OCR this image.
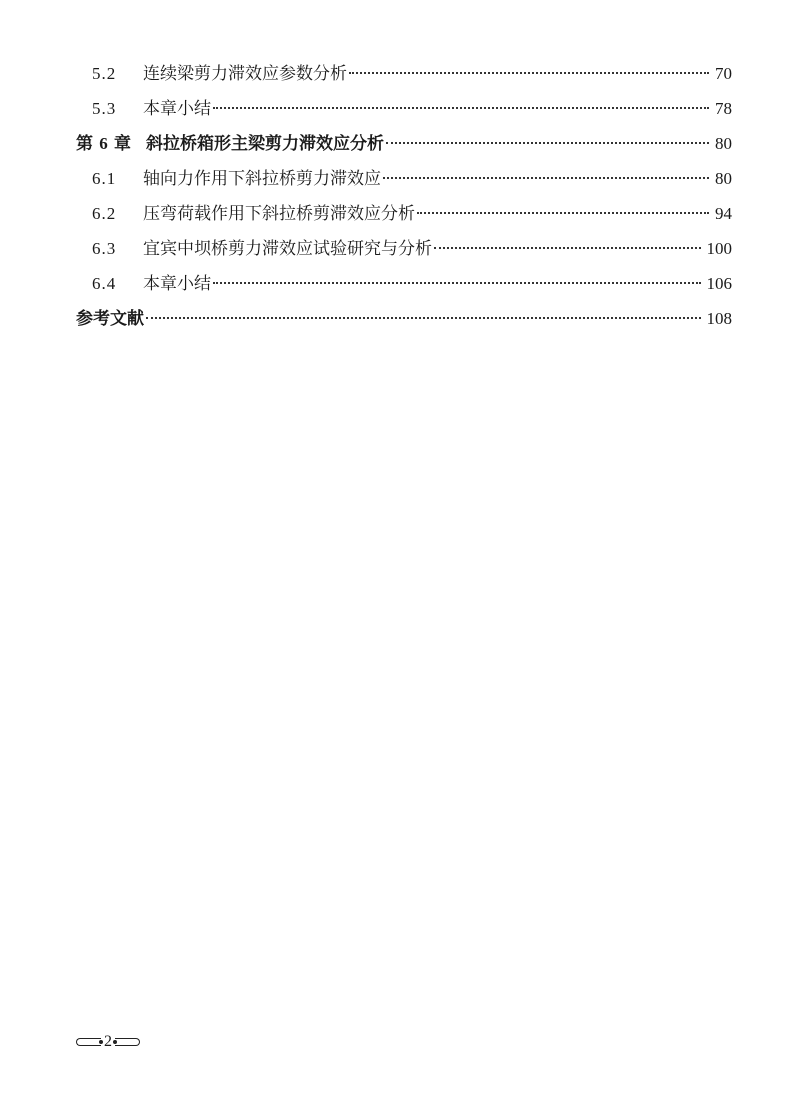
5.2	连续梁剪力滞效应参数分析	70
5.3	本章小结	78
第 6 章 斜拉桥箱形主梁剪力滞效应分析	80
6.1	轴向力作用下斜拉桥剪力滞效应	80
6.2	压弯荷载作用下斜拉桥剪滞效应分析	94
6.3	宜宾中坝桥剪力滞效应试验研究与分析	100
6.4	本章小结	106
参考文献	108
2
